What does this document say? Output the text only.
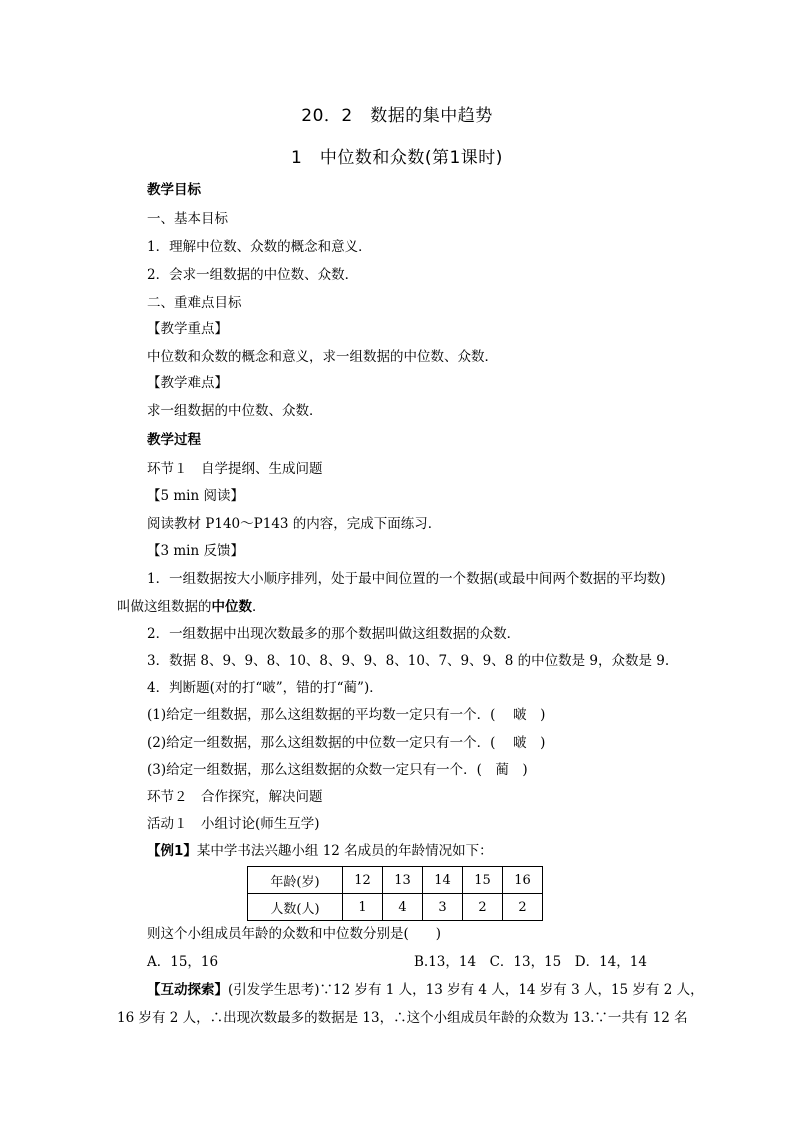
20．2　数据的集中趋势
1　中位数和众数(第1课时)
教学目标
一、基本目标
1．理解中位数、众数的概念和意义．
2．会求一组数据的中位数、众数．
二、重难点目标
【教学重点】
中位数和众数的概念和意义，求一组数据的中位数、众数．
【教学难点】
求一组数据的中位数、众数．
教学过程
环节１　自学提纲、生成问题
【5 min 阅读】
阅读教材 P140～P143 的内容，完成下面练习．
【3 min 反馈】
1．一组数据按大小顺序排列，处于最中间位置的一个数据(或最中间两个数据的平均数)
叫做这组数据的中位数．
2．一组数据中出现次数最多的那个数据叫做这组数据的众数．
3．数据 8、9、9、8、10、8、9、9、8、10、7、9、9、8 的中位数是 9，众数是 9.
4．判断题(对的打“啵”，错的打“蔺”)．
(1)给定一组数据，那么这组数据的平均数一定只有一个．(　 啵　)
(2)给定一组数据，那么这组数据的中位数一定只有一个．(　 啵　)
(3)给定一组数据，那么这组数据的众数一定只有一个．(　蔺　)
环节２　合作探究，解决问题
活动１　小组讨论(师生互学)
【例1】某中学书法兴趣小组 12 名成员的年龄情况如下：
年龄(岁)	12	13	14	15	16
人数(人)	1	4	3	2	2
则这个小组成员年龄的众数和中位数分别是(　　)
A．15，16	B.13，14　C．13，15　D．14，14
【互动探索】(引发学生思考)∵12 岁有 1 人，13 岁有 4 人，14 岁有 3 人，15 岁有 2 人，
16 岁有 2 人，∴出现次数最多的数据是 13，∴这个小组成员年龄的众数为 13.∵一共有 12 名
